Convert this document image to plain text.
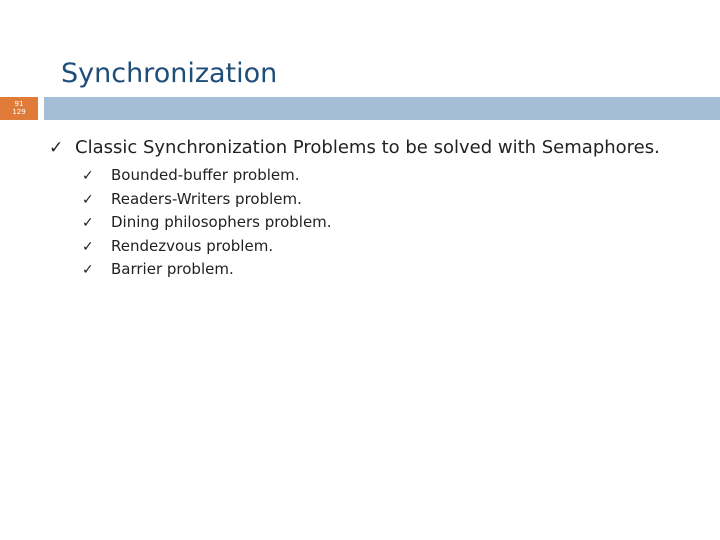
Synchronization
91
129
✓ Classic Synchronization Problems to be solved with Semaphores.
✓	Bounded-buffer problem.
✓	Readers-Writers problem.
✓	Dining philosophers problem.
✓	Rendezvous problem.
✓	Barrier problem.
